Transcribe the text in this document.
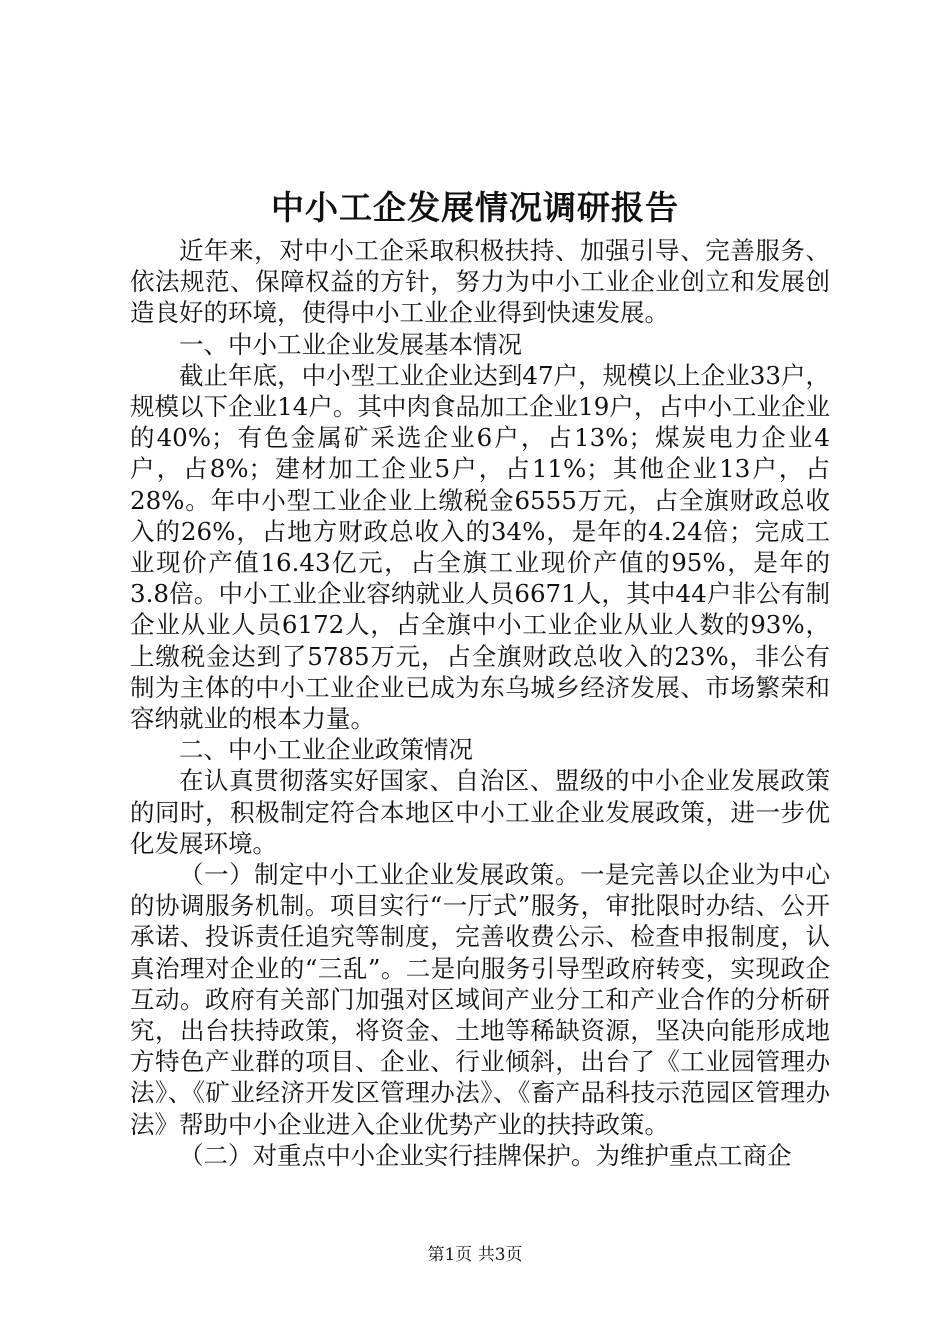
中小工企发展情况调研报告

近年来，对中小工企采取积极扶持、加强引导、完善服务、依法规范、保障权益的方针，努力为中小工业企业创立和发展创造良好的环境，使得中小工业企业得到快速发展。

一、中小工业企业发展基本情况

截止年底，中小型工业企业达到47户，规模以上企业33户，规模以下企业14户。其中肉食品加工企业19户，占中小工业企业的40%；有色金属矿采选企业6户，占13%；煤炭电力企业4户，占8%；建材加工企业5户，占11%；其他企业13户，占28%。年中小型工业企业上缴税金6555万元，占全旗财政总收入的26%，占地方财政总收入的34%，是年的4.24倍；完成工业现价产值16.43亿元，占全旗工业现价产值的95%，是年的3.8倍。中小工业企业容纳就业人员6671人，其中44户非公有制企业从业人员6172人，占全旗中小工业企业从业人数的93%，上缴税金达到了5785万元，占全旗财政总收入的23%，非公有制为主体的中小工业企业已成为东乌城乡经济发展、市场繁荣和容纳就业的根本力量。

二、中小工业企业政策情况

在认真贯彻落实好国家、自治区、盟级的中小企业发展政策的同时，积极制定符合本地区中小工业企业发展政策，进一步优化发展环境。

（一）制定中小工业企业发展政策。一是完善以企业为中心的协调服务机制。项目实行“一厅式”服务，审批限时办结、公开承诺、投诉责任追究等制度，完善收费公示、检查申报制度，认真治理对企业的“三乱”。二是向服务引导型政府转变，实现政企互动。政府有关部门加强对区域间产业分工和产业合作的分析研究，出台扶持政策，将资金、土地等稀缺资源，坚决向能形成地方特色产业群的项目、企业、行业倾斜，出台了《工业园管理办法》、《矿业经济开发区管理办法》、《畜产品科技示范园区管理办法》帮助中小企业进入企业优势产业的扶持政策。

（二）对重点中小企业实行挂牌保护。为维护重点工商企

第1页 共3页
